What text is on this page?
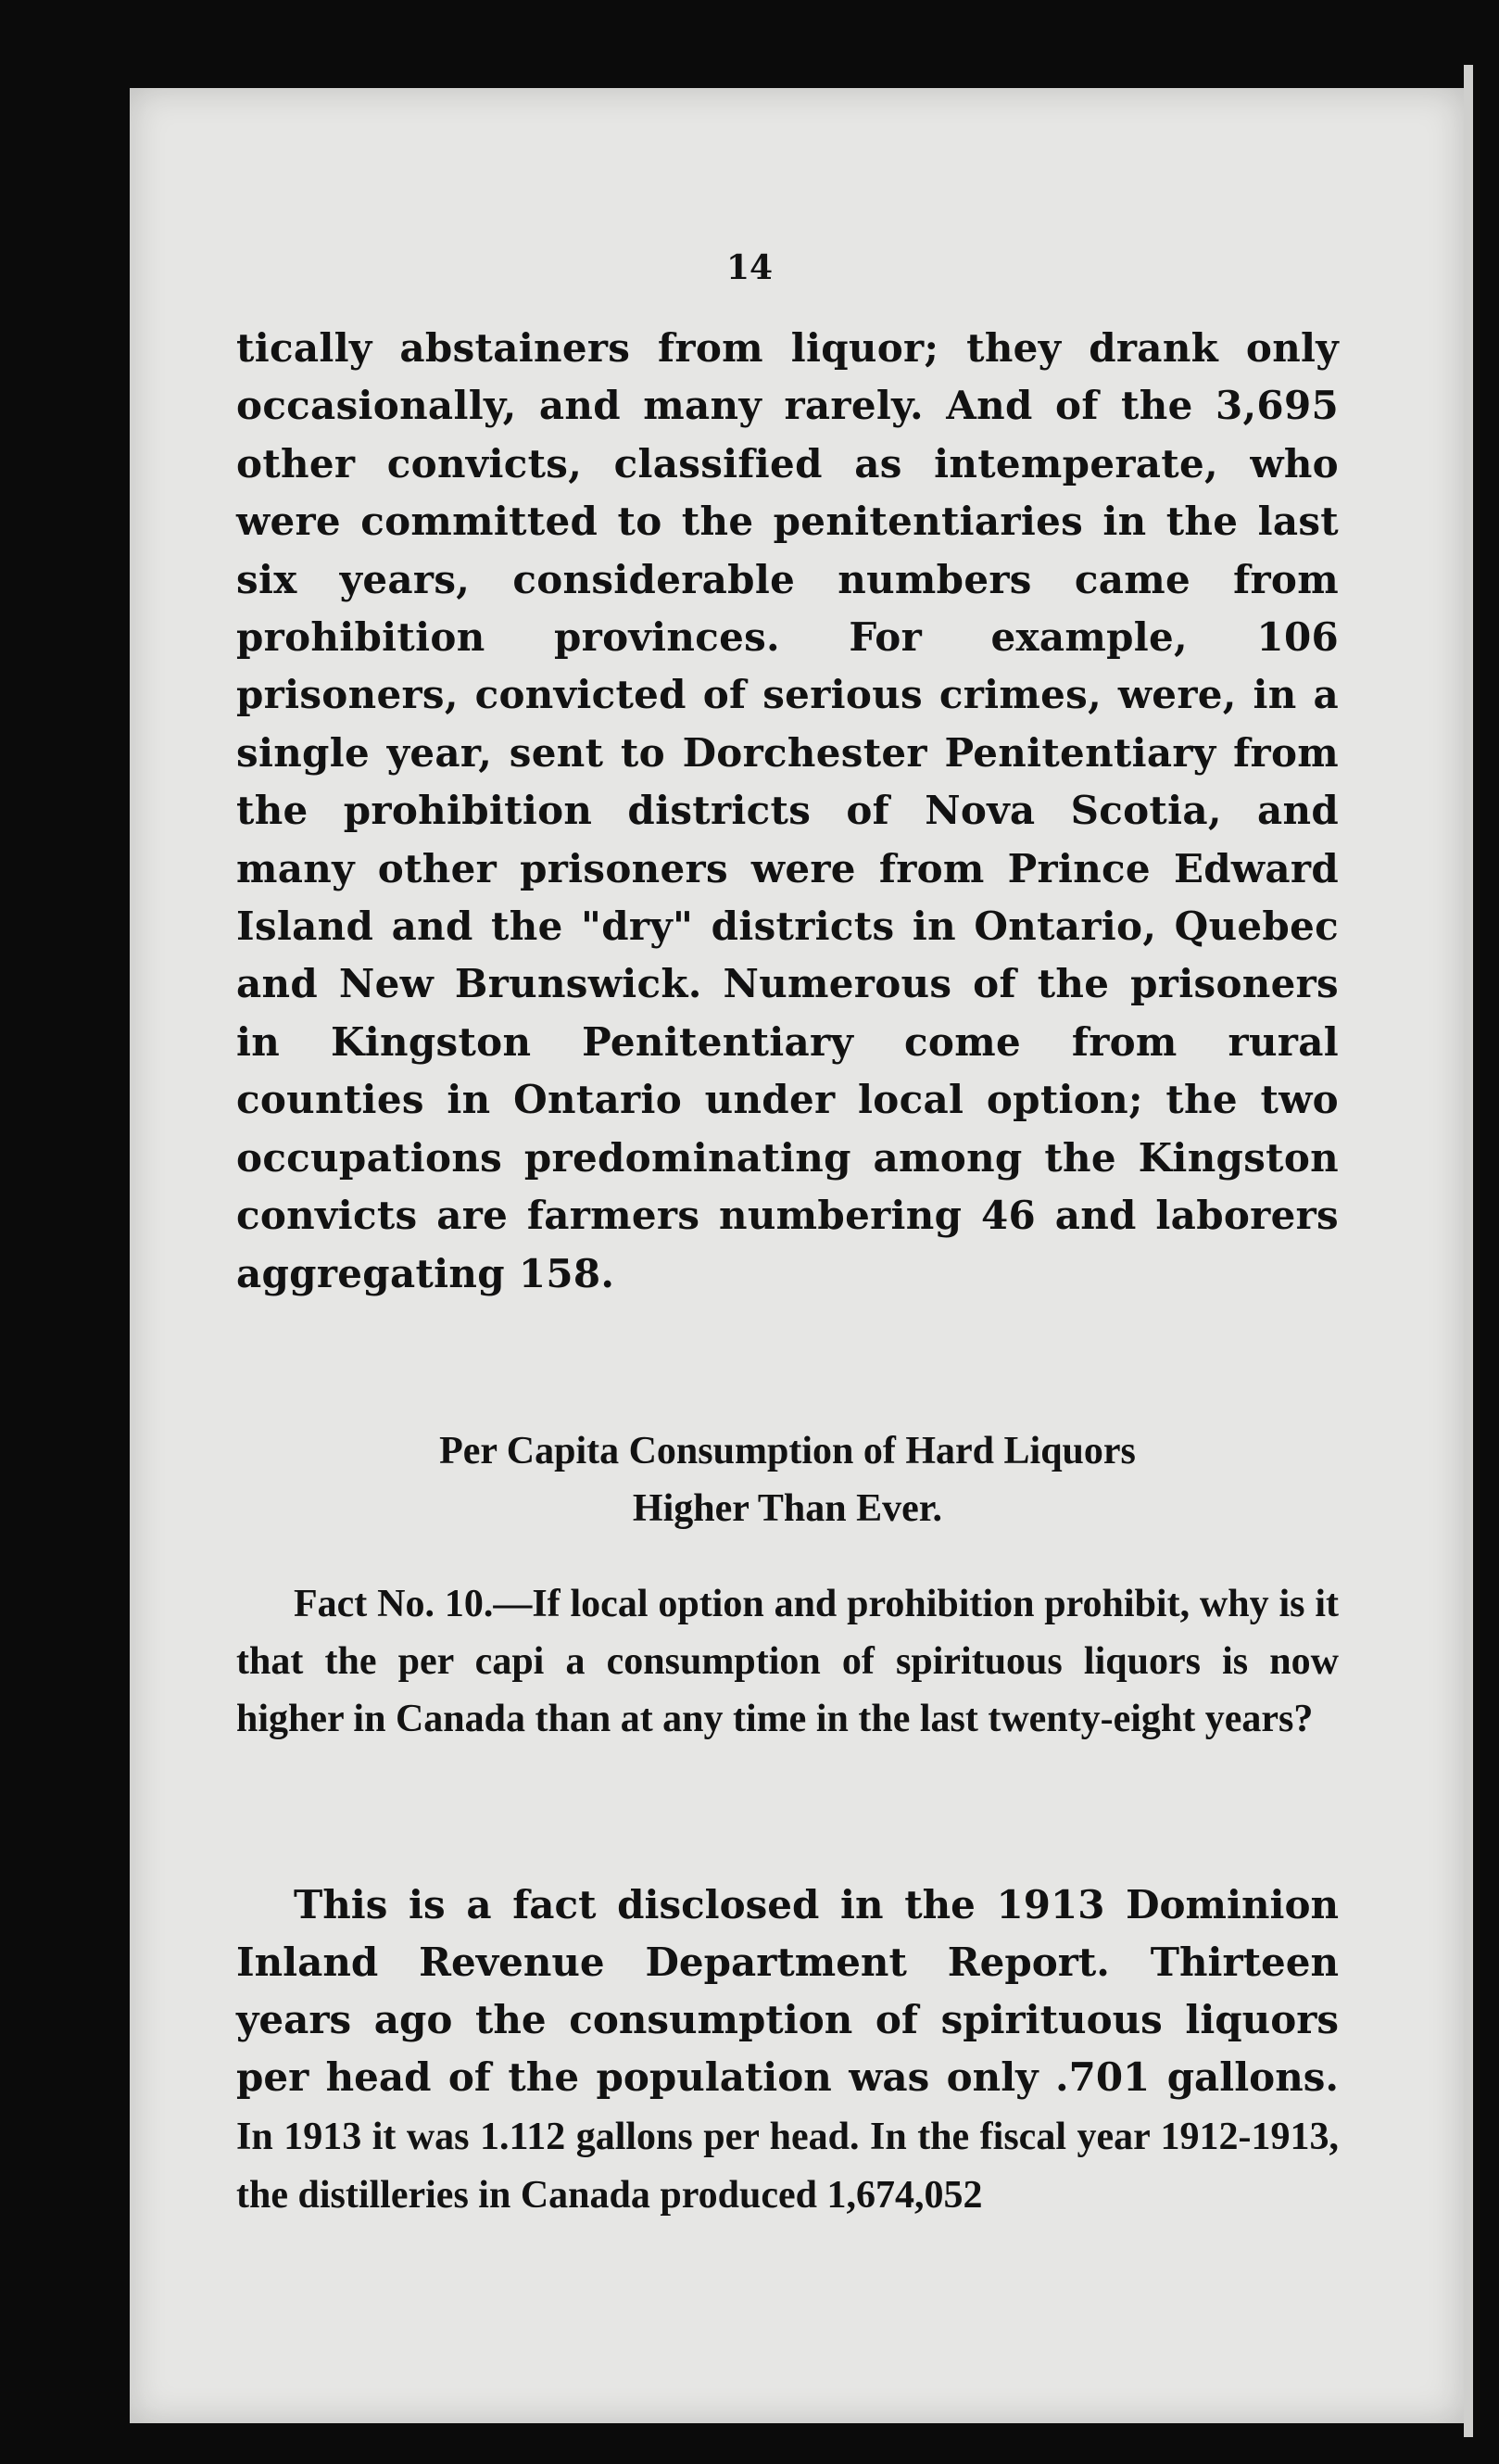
14

tically abstainers from liquor; they drank only occasionally, and many rarely. And of the 3,695 other convicts, classified as intemperate, who were committed to the penitentiaries in the last six years, considerable numbers came from prohibition provinces. For example, 106 prisoners, convicted of serious crimes, were, in a single year, sent to Dorchester Penitentiary from the prohibition districts of Nova Scotia, and many other prisoners were from Prince Edward Island and the "dry" districts in Ontario, Quebec and New Brunswick. Numerous of the prisoners in Kingston Penitentiary come from rural counties in Ontario under local option; the two occupations predominating among the Kingston convicts are farmers numbering 46 and laborers aggregating 158.

Per Capita Consumption of Hard Liquors
Higher Than Ever.

Fact No. 10.—If local option and prohibition prohibit, why is it that the per capi a consumption of spirituous liquors is now higher in Canada than at any time in the last twenty-eight years?

This is a fact disclosed in the 1913 Dominion Inland Revenue Department Report. Thirteen years ago the consumption of spirituous liquors per head of the population was only .701 gallons. In 1913 it was 1.112 gallons per head. In the fiscal year 1912-1913, the distilleries in Canada produced 1,674,052
